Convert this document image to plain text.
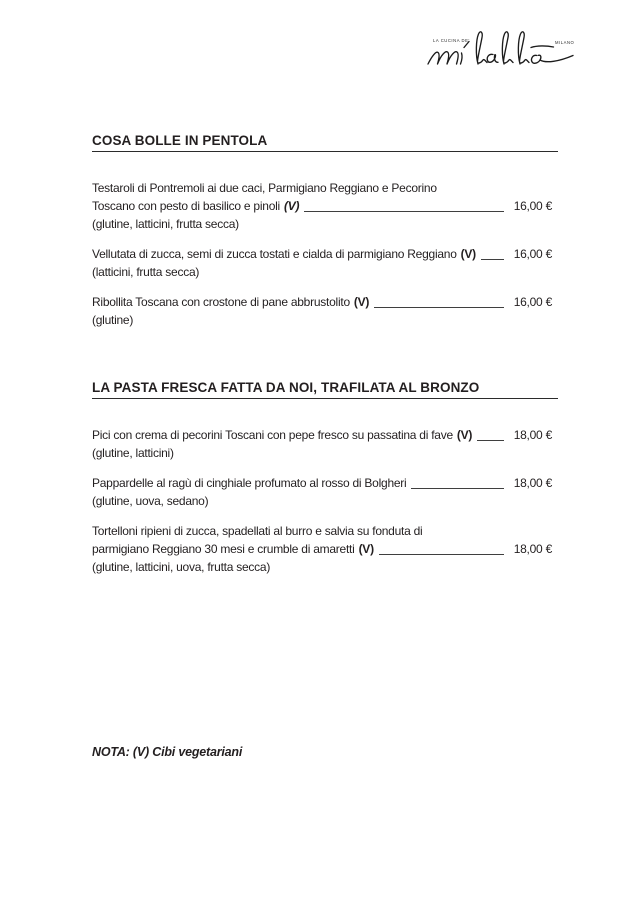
LA CUCINA DE'	MILANO
COSA BOLLE IN PENTOLA
Testaroli di Pontremoli ai due caci, Parmigiano Reggiano e Pecorino
Toscano con pesto di basilico e pinoli (V)	16,00 €
(glutine, latticini, frutta secca)
Vellutata di zucca, semi di zucca tostati e cialda di parmigiano Reggiano (V)	16,00 €
(latticini, frutta secca)
Ribollita Toscana con crostone di pane abbrustolito (V)	16,00 €
(glutine)
LA PASTA FRESCA FATTA DA NOI, TRAFILATA AL BRONZO
Pici con crema di pecorini Toscani con pepe fresco su passatina di fave (V)	18,00 €
(glutine, latticini)
Pappardelle al ragù di cinghiale profumato al rosso di Bolgheri	18,00 €
(glutine, uova, sedano)
Tortelloni ripieni di zucca, spadellati al burro e salvia su fonduta di
parmigiano Reggiano 30 mesi e crumble di amaretti (V)	18,00 €
(glutine, latticini, uova, frutta secca)
NOTA: (V) Cibi vegetariani
